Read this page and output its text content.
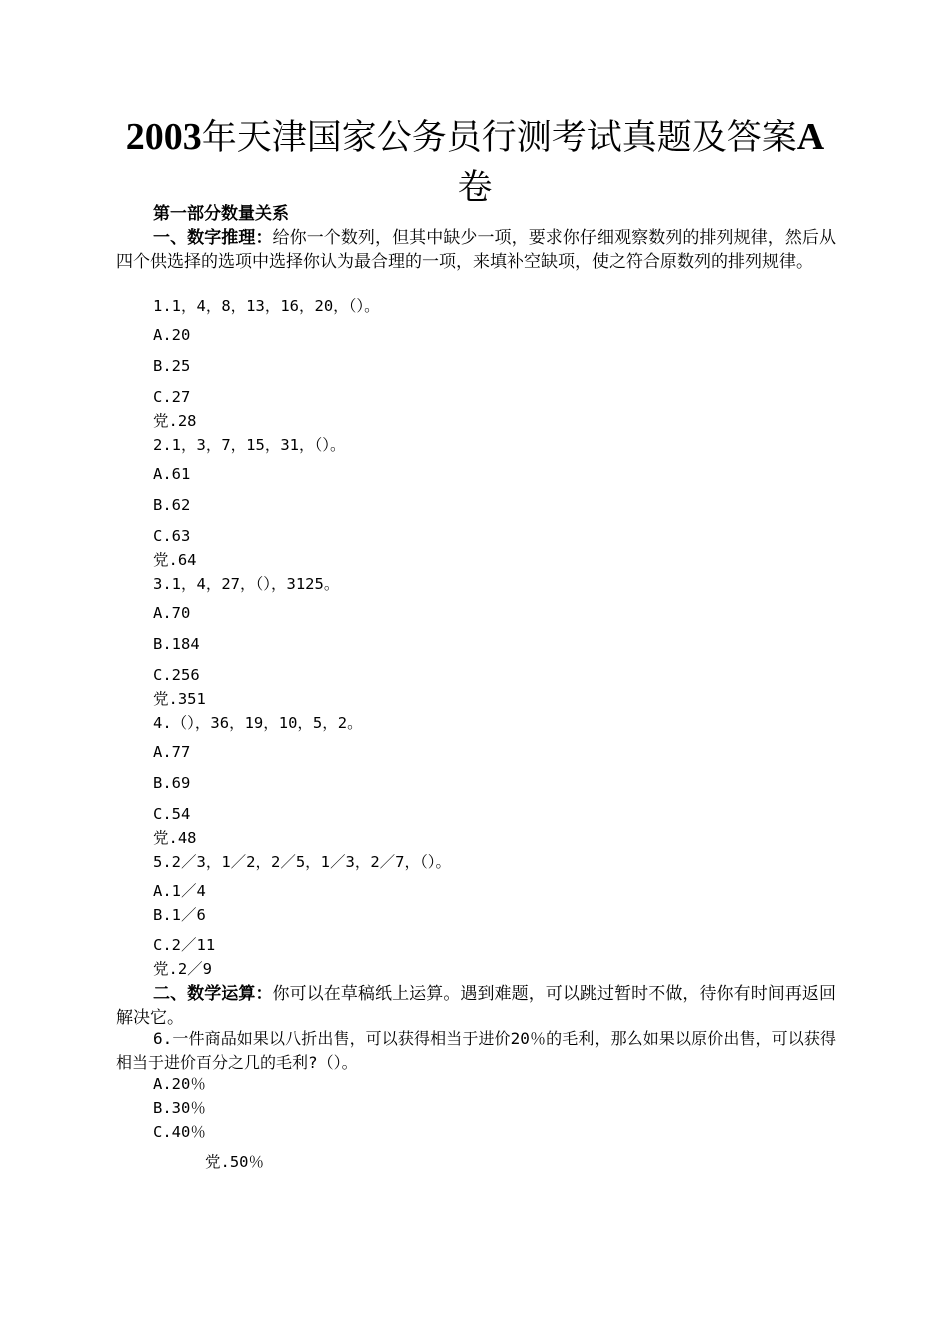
2003年天津国家公务员行测考试真题及答案A
卷
第一部分数量关系
一、数字推理：给你一个数列，但其中缺少一项，要求你仔细观察数列的排列规律，然后从四个供选择的选项中选择你认为最合理的一项，来填补空缺项，使之符合原数列的排列规律。
1.1，4，8，13，16，20，（）。
A.20
B.25
C.27
党.28
2.1，3，7，15，31，（）。
A.61
B.62
C.63
党.64
3.1，4，27，（），3125。
A.70
B.184
C.256
党.351
4.（），36，19，10，5，2。
A.77
B.69
C.54
党.48
5.2／3，1／2，2／5，1／3，2／7，（）。
A.1／4
B.1／6
C.2／11
党.2／9
二、数学运算：你可以在草稿纸上运算。遇到难题，可以跳过暂时不做，待你有时间再返回解决它。
6.一件商品如果以八折出售，可以获得相当于进价20％的毛利，那么如果以原价出售，可以获得相当于进价百分之几的毛利?（）。
A.20％
B.30％
C.40％
党.50％
